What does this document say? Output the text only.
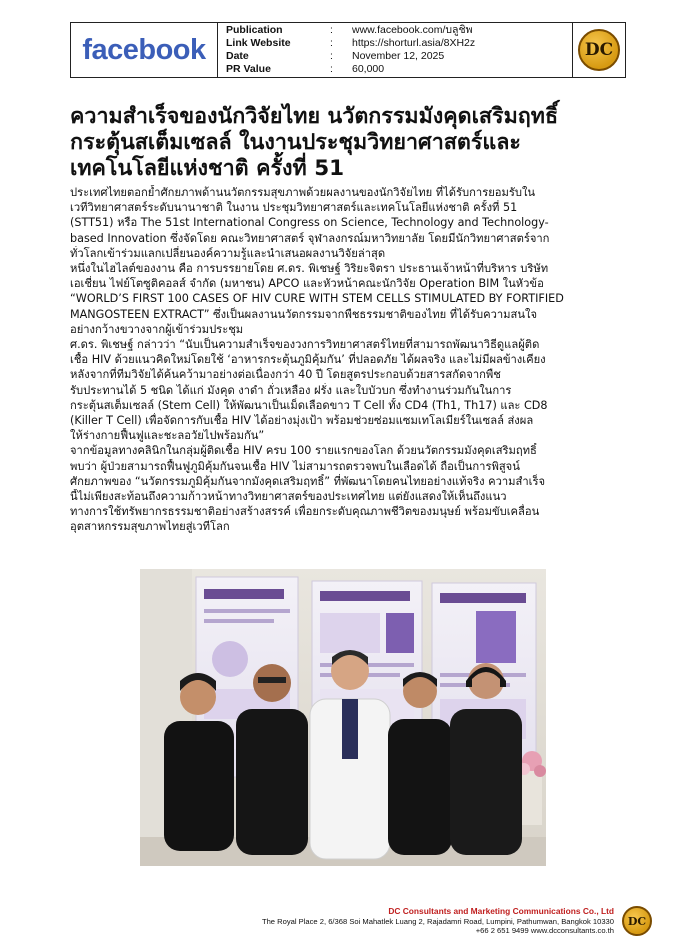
facebook
Publication	:	www.facebook.com/บลูชิพ
Link Website	:	https://shorturl.asia/8XH2z
Date	:	November 12, 2025
PR Value	:	60,000
DC
ความสำเร็จของนักวิจัยไทย นวัตกรรมมังคุดเสริมฤทธิ์
กระตุ้นสเต็มเซลล์ ในงานประชุมวิทยาศาสตร์และ
เทคโนโลยีแห่งชาติ ครั้งที่ 51

ประเทศไทยตอกย้ำศักยภาพด้านนวัตกรรมสุขภาพด้วยผลงานของนักวิจัยไทย ที่ได้รับการยอมรับใน
เวทีวิทยาศาสตร์ระดับนานาชาติ ในงาน ประชุมวิทยาศาสตร์และเทคโนโลยีแห่งชาติ ครั้งที่ 51
(STT51) หรือ The 51st International Congress on Science, Technology and Technology-
based Innovation ซึ่งจัดโดย คณะวิทยาศาสตร์ จุฬาลงกรณ์มหาวิทยาลัย โดยมีนักวิทยาศาสตร์จาก
ทั่วโลกเข้าร่วมแลกเปลี่ยนองค์ความรู้และนำเสนอผลงานวิจัยล่าสุด

หนึ่งในไฮไลต์ของงาน คือ การบรรยายโดย ศ.ดร. พิเชษฐ์ วิริยะจิตรา ประธานเจ้าหน้าที่บริหาร บริษัท
เอเชี่ยน ไฟย์โตซูติคอลส์ จำกัด (มหาชน) APCO และหัวหน้าคณะนักวิจัย Operation BIM ในหัวข้อ
“WORLD’S FIRST 100 CASES OF HIV CURE WITH STEM CELLS STIMULATED BY FORTIFIED
MANGOSTEEN EXTRACT” ซึ่งเป็นผลงานนวัตกรรมจากพืชธรรมชาติของไทย ที่ได้รับความสนใจ
อย่างกว้างขวางจากผู้เข้าร่วมประชุม

ศ.ดร. พิเชษฐ์ กล่าวว่า “นับเป็นความสำเร็จของวงการวิทยาศาสตร์ไทยที่สามารถพัฒนาวิธีดูแลผู้ติด
เชื้อ HIV ด้วยแนวคิดใหม่โดยใช้ ‘อาหารกระตุ้นภูมิคุ้มกัน’ ที่ปลอดภัย ได้ผลจริง และไม่มีผลข้างเคียง
หลังจากที่ทีมวิจัยได้ค้นคว้ามาอย่างต่อเนื่องกว่า 40 ปี โดยสูตรประกอบด้วยสารสกัดจากพืช
รับประทานได้ 5 ชนิด ได้แก่ มังคุด งาดำ ถั่วเหลือง ฝรั่ง และใบบัวบก ซึ่งทำงานร่วมกันในการ
กระตุ้นสเต็มเซลล์ (Stem Cell) ให้พัฒนาเป็นเม็ดเลือดขาว T Cell ทั้ง CD4 (Th1, Th17) และ CD8
(Killer T Cell) เพื่อจัดการกับเชื้อ HIV ได้อย่างมุ่งเป้า พร้อมช่วยซ่อมแซมเทโลเมียร์ในเซลล์ ส่งผล
ให้ร่างกายฟื้นฟูและชะลอวัยไปพร้อมกัน”

จากข้อมูลทางคลินิกในกลุ่มผู้ติดเชื้อ HIV ครบ 100 รายแรกของโลก ด้วยนวัตกรรมมังคุดเสริมฤทธิ์
พบว่า ผู้ป่วยสามารถฟื้นฟูภูมิคุ้มกันจนเชื้อ HIV ไม่สามารถตรวจพบในเลือดได้ ถือเป็นการพิสูจน์
ศักยภาพของ “นวัตกรรมภูมิคุ้มกันจากมังคุดเสริมฤทธิ์” ที่พัฒนาโดยคนไทยอย่างแท้จริง ความสำเร็จ
นี้ไม่เพียงสะท้อนถึงความก้าวหน้าทางวิทยาศาสตร์ของประเทศไทย แต่ยังแสดงให้เห็นถึงแนว
ทางการใช้ทรัพยากรธรรมชาติอย่างสร้างสรรค์ เพื่อยกระดับคุณภาพชีวิตของมนุษย์ พร้อมขับเคลื่อน
อุตสาหกรรมสุขภาพไทยสู่เวทีโลก

DC Consultants and Marketing Communications Co., Ltd
The Royal Place 2, 6/368 Soi Mahatlek Luang 2, Rajadamri Road, Lumpini, Pathumwan, Bangkok 10330
+66 2 651 9499 www.dcconsultants.co.th
DC
